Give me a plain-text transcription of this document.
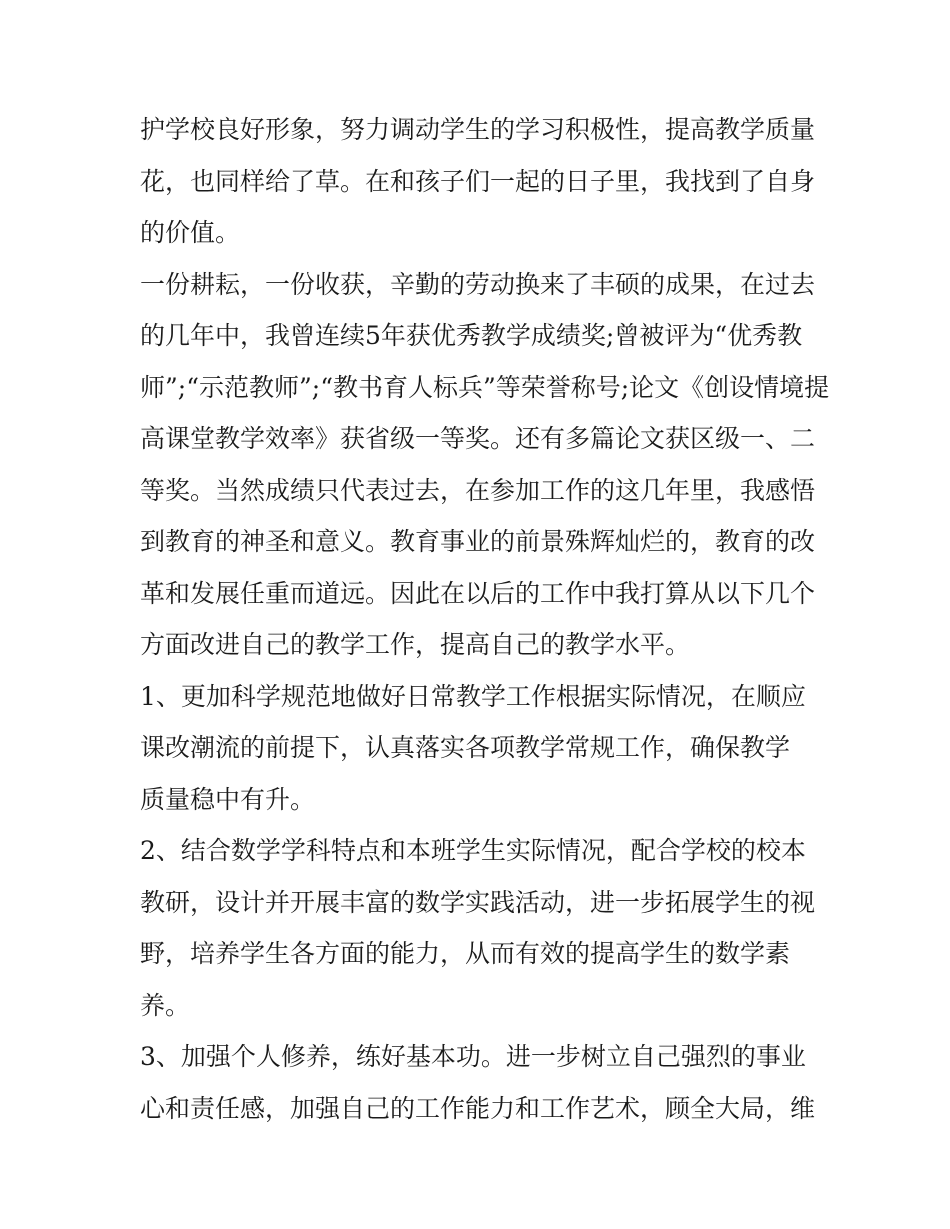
护学校良好形象，努力调动学生的学习积极性，提高教学质量
花，也同样给了草。在和孩子们一起的日子里，我找到了自身
的价值。
一份耕耘，一份收获，辛勤的劳动换来了丰硕的成果，在过去
的几年中，我曾连续5年获优秀教学成绩奖;曾被评为“优秀教
师”;“示范教师”;“教书育人标兵”等荣誉称号;论文《创设情境提
高课堂教学效率》获省级一等奖。还有多篇论文获区级一、二
等奖。当然成绩只代表过去，在参加工作的这几年里，我感悟
到教育的神圣和意义。教育事业的前景殊辉灿烂的，教育的改
革和发展任重而道远。因此在以后的工作中我打算从以下几个
方面改进自己的教学工作，提高自己的教学水平。
1、更加科学规范地做好日常教学工作根据实际情况，在顺应
课改潮流的前提下，认真落实各项教学常规工作，确保教学
质量稳中有升。
2、结合数学学科特点和本班学生实际情况，配合学校的校本
教研，设计并开展丰富的数学实践活动，进一步拓展学生的视
野，培养学生各方面的能力，从而有效的提高学生的数学素
养。
3、加强个人修养，练好基本功。进一步树立自己强烈的事业
心和责任感，加强自己的工作能力和工作艺术，顾全大局，维
